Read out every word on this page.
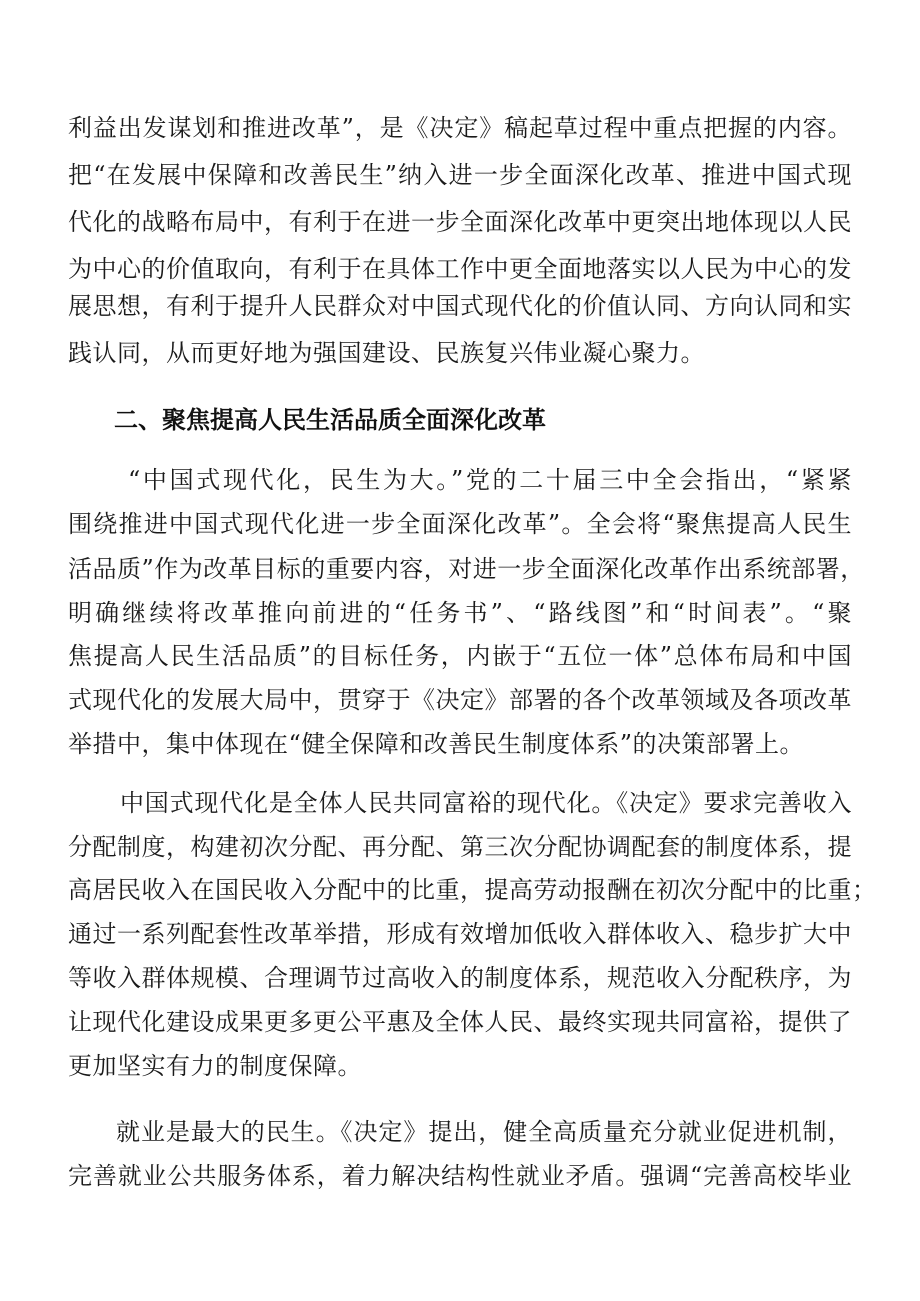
利益出发谋划和推进改革”，是《决定》稿起草过程中重点把握的内容。
把“在发展中保障和改善民生”纳入进一步全面深化改革、推进中国式现
代化的战略布局中，有利于在进一步全面深化改革中更突出地体现以人民
为中心的价值取向，有利于在具体工作中更全面地落实以人民为中心的发
展思想，有利于提升人民群众对中国式现代化的价值认同、方向认同和实
践认同，从而更好地为强国建设、民族复兴伟业凝心聚力。
二、聚焦提高人民生活品质全面深化改革
“中国式现代化，民生为大。”党的二十届三中全会指出，“紧紧
围绕推进中国式现代化进一步全面深化改革”。全会将“聚焦提高人民生
活品质”作为改革目标的重要内容，对进一步全面深化改革作出系统部署，
明确继续将改革推向前进的“任务书”、“路线图”和“时间表”。“聚
焦提高人民生活品质”的目标任务，内嵌于“五位一体”总体布局和中国
式现代化的发展大局中，贯穿于《决定》部署的各个改革领域及各项改革
举措中，集中体现在“健全保障和改善民生制度体系”的决策部署上。
中国式现代化是全体人民共同富裕的现代化。《决定》要求完善收入
分配制度，构建初次分配、再分配、第三次分配协调配套的制度体系，提
高居民收入在国民收入分配中的比重，提高劳动报酬在初次分配中的比重；
通过一系列配套性改革举措，形成有效增加低收入群体收入、稳步扩大中
等收入群体规模、合理调节过高收入的制度体系，规范收入分配秩序，为
让现代化建设成果更多更公平惠及全体人民、最终实现共同富裕，提供了
更加坚实有力的制度保障。
就业是最大的民生。《决定》提出，健全高质量充分就业促进机制，
完善就业公共服务体系，着力解决结构性就业矛盾。强调“完善高校毕业
